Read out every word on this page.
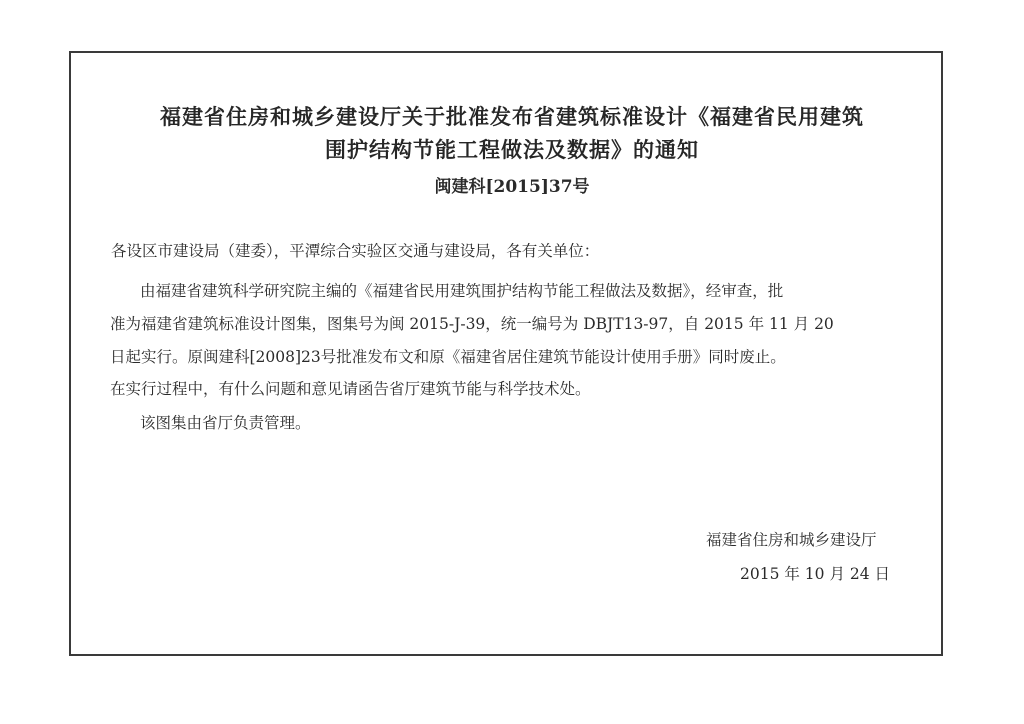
福建省住房和城乡建设厅关于批准发布省建筑标准设计《福建省民用建筑
围护结构节能工程做法及数据》的通知
闽建科[2015]37号
各设区市建设局（建委），平潭综合实验区交通与建设局，各有关单位：
由福建省建筑科学研究院主编的《福建省民用建筑围护结构节能工程做法及数据》，经审查，批
准为福建省建筑标准设计图集，图集号为闽 2015-J-39，统一编号为 DBJT13-97，自 2015 年 11 月 20
日起实行。原闽建科[2008]23号批准发布文和原《福建省居住建筑节能设计使用手册》同时废止。
在实行过程中，有什么问题和意见请函告省厅建筑节能与科学技术处。
该图集由省厅负责管理。
福建省住房和城乡建设厅
2015 年 10 月 24 日
